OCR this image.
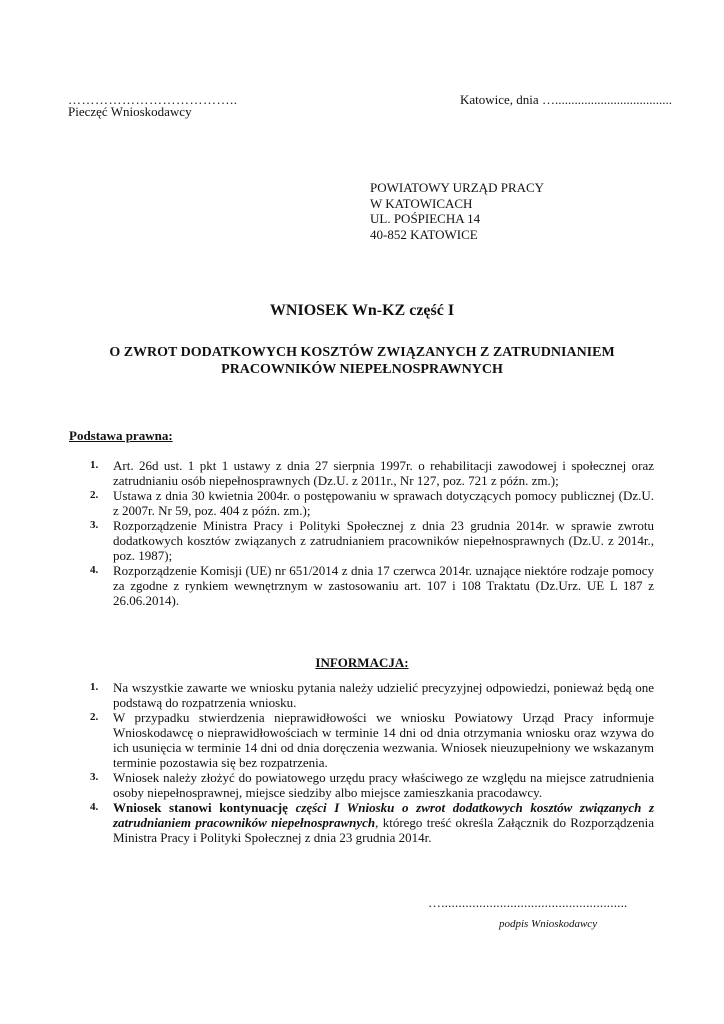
………………………………..
Pieczęć Wnioskodawcy
Katowice, dnia …....................................
POWIATOWY URZĄD PRACY
W KATOWICACH
UL. POŚPIECHA 14
40-852 KATOWICE
WNIOSEK Wn-KZ część I
O ZWROT DODATKOWYCH KOSZTÓW ZWIĄZANYCH Z ZATRUDNIANIEM
PRACOWNIKÓW NIEPEŁNOSPRAWNYCH
Podstawa prawna:
1. Art. 26d ust. 1 pkt 1 ustawy z dnia 27 sierpnia 1997r. o rehabilitacji zawodowej i społecznej oraz zatrudnianiu osób niepełnosprawnych (Dz.U. z 2011r., Nr 127, poz. 721 z późn. zm.);
2. Ustawa z dnia 30 kwietnia 2004r. o postępowaniu w sprawach dotyczących pomocy publicznej (Dz.U. z 2007r. Nr 59, poz. 404 z późn. zm.);
3. Rozporządzenie Ministra Pracy i Polityki Społecznej z dnia 23 grudnia 2014r. w sprawie zwrotu dodatkowych kosztów związanych z zatrudnianiem pracowników niepełnosprawnych (Dz.U. z 2014r., poz. 1987);
4. Rozporządzenie Komisji (UE) nr 651/2014 z dnia 17 czerwca 2014r. uznające niektóre rodzaje pomocy za zgodne z rynkiem wewnętrznym w zastosowaniu art. 107 i 108 Traktatu (Dz.Urz. UE L 187 z 26.06.2014).
INFORMACJA:
1. Na wszystkie zawarte we wniosku pytania należy udzielić precyzyjnej odpowiedzi, ponieważ będą one podstawą do rozpatrzenia wniosku.
2. W przypadku stwierdzenia nieprawidłowości we wniosku Powiatowy Urząd Pracy informuje Wnioskodawcę o nieprawidłowościach w terminie 14 dni od dnia otrzymania wniosku oraz wzywa do ich usunięcia w terminie 14 dni od dnia doręczenia wezwania. Wniosek nieuzupełniony we wskazanym terminie pozostawia się bez rozpatrzenia.
3. Wniosek należy złożyć do powiatowego urzędu pracy właściwego ze względu na miejsce zatrudnienia osoby niepełnosprawnej, miejsce siedziby albo miejsce zamieszkania pracodawcy.
4. Wniosek stanowi kontynuację części I Wniosku o zwrot dodatkowych kosztów związanych z zatrudnianiem pracowników niepełnosprawnych, którego treść określa Załącznik do Rozporządzenia Ministra Pracy i Polityki Społecznej z dnia 23 grudnia 2014r.
…......................................................
podpis Wnioskodawcy
